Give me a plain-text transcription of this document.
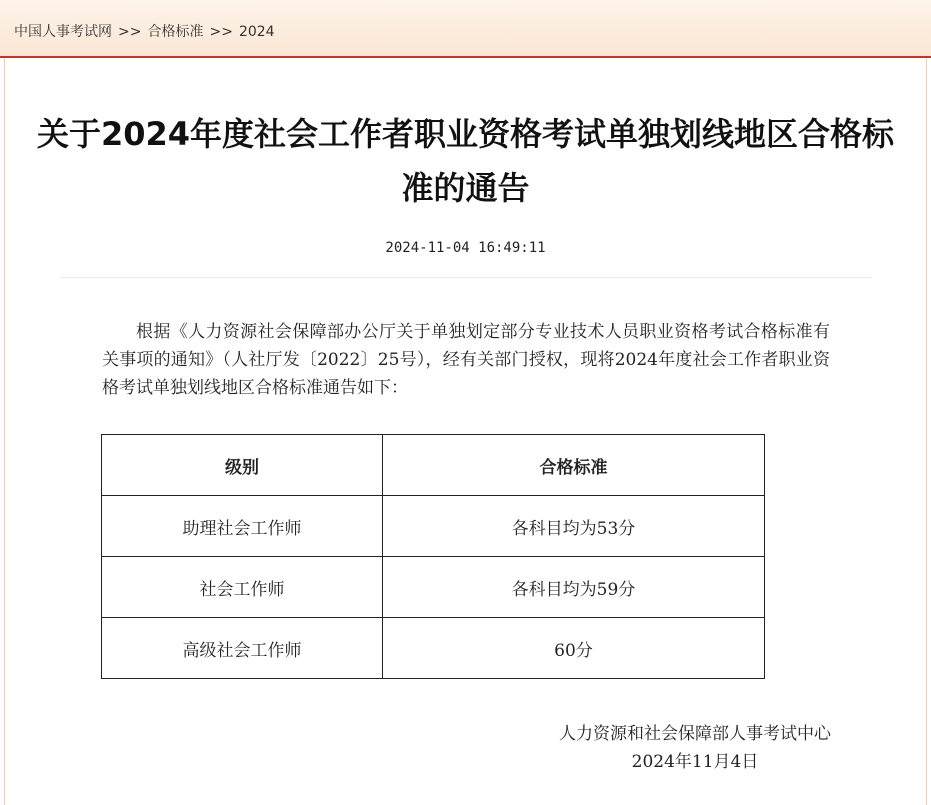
中国人事考试网 >> 合格标准 >> 2024
关于2024年度社会工作者职业资格考试单独划线地区合格标准的通告
2024-11-04 16:49:11

根据《人力资源社会保障部办公厅关于单独划定部分专业技术人员职业资格考试合格标准有关事项的通知》（人社厅发〔2022〕25号），经有关部门授权，现将2024年度社会工作者职业资格考试单独划线地区合格标准通告如下：

级别	合格标准
助理社会工作师	各科目均为53分
社会工作师	各科目均为59分
高级社会工作师	60分
人力资源和社会保障部人事考试中心
2024年11月4日
